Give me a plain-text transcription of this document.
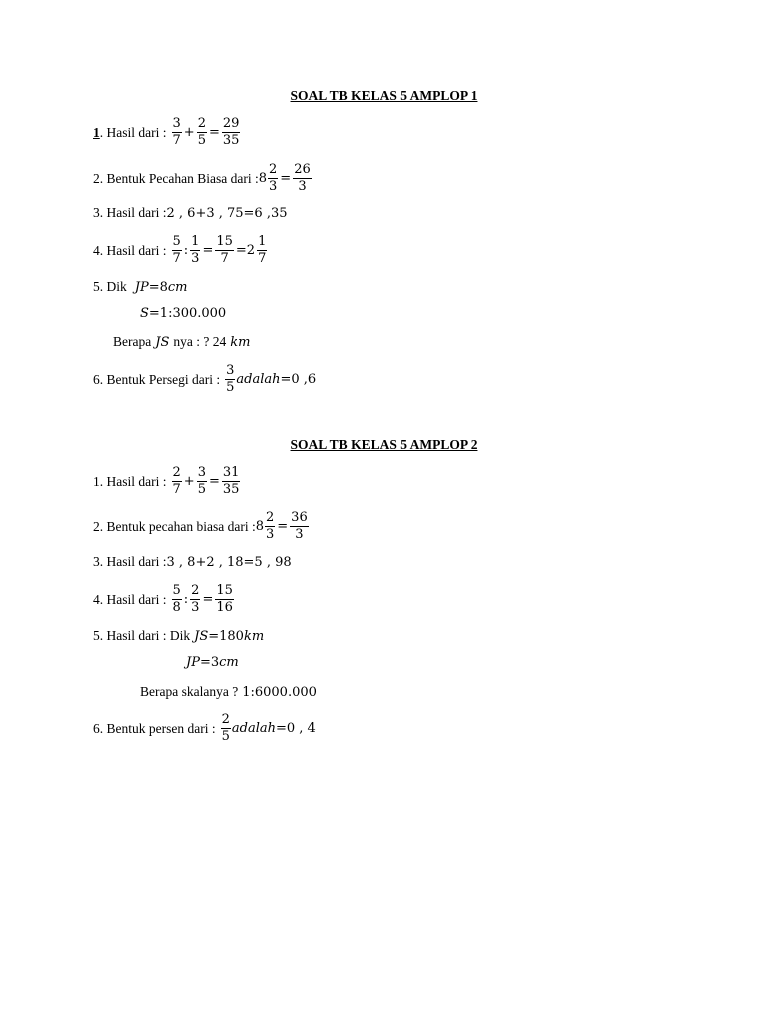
SOAL TB KELAS 5 AMPLOP 1
1 . Hasil dari : $\frac{3}{7} + \frac{2}{5} = \frac{29}{35}$
2. Bentuk Pecahan Biasa dari : $8 \frac{2}{3} = \frac{26}{3}$
3. Hasil dari : 2 , 6+3 , 75=6 ,35
4. Hasil dari : $\frac{5}{7}$ : $\frac{1}{3} = \frac{15}{7} =2 \frac{1}{7}$
5. Dik JP =8 cm
S =1:300.000
Berapa JS nya : ? 24 km
6. Bentuk Persegi dari : $\frac{3}{5}$ adalah =0 ,6
SOAL TB KELAS 5 AMPLOP 2
1. Hasil dari : $\frac{2}{7} + \frac{3}{5} = \frac{31}{35}$
2. Bentuk pecahan biasa dari : $8 \frac{2}{3} = \frac{36}{3}$
3. Hasil dari : 3 , 8+2 , 18=5 , 98
4. Hasil dari : $\frac{5}{8}$ : $\frac{2}{3} = \frac{15}{16}$
5. Hasil dari : Dik JS =180 km
JP =3 cm
Berapa skalanya ? 1:6000.000
6. Bentuk persen dari : $\frac{2}{5}$ adalah =0 , 4
